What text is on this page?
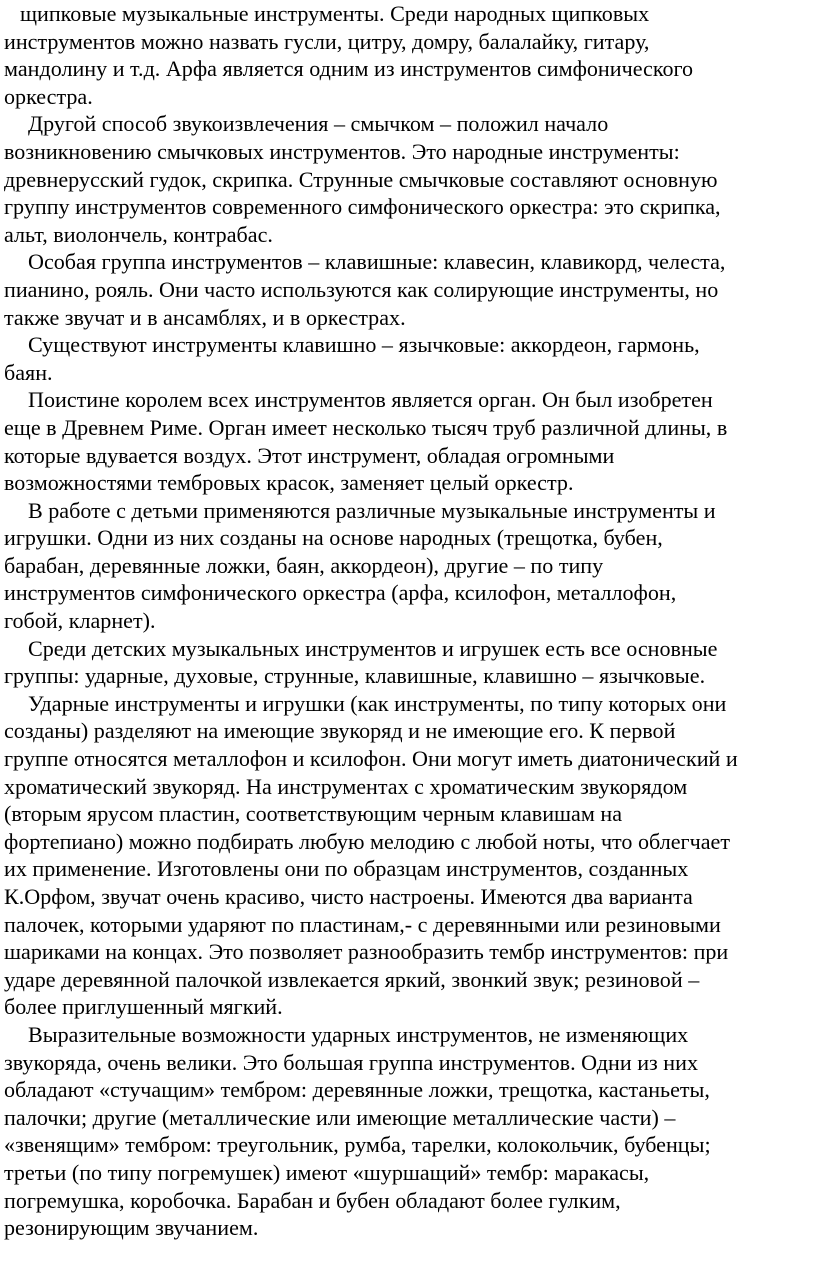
щипковые музыкальные инструменты. Среди народных щипковых
инструментов можно назвать гусли, цитру, домру, балалайку, гитару,
мандолину и т.д. Арфа является одним из инструментов симфонического
оркестра.

Другой способ звукоизвлечения – смычком – положил начало
возникновению смычковых инструментов. Это народные инструменты:
древнерусский гудок, скрипка. Струнные смычковые составляют основную
группу инструментов современного симфонического оркестра: это скрипка,
альт, виолончель, контрабас.

Особая группа инструментов – клавишные: клавесин, клавикорд, челеста,
пианино, рояль. Они часто используются как солирующие инструменты, но
также звучат и в ансамблях, и в оркестрах.

Существуют инструменты клавишно – язычковые: аккордеон, гармонь,
баян.

Поистине королем всех инструментов является орган. Он был изобретен
еще в Древнем Риме. Орган имеет несколько тысяч труб различной длины, в
которые вдувается воздух. Этот инструмент, обладая огромными
возможностями тембровых красок, заменяет целый оркестр.

В работе с детьми применяются различные музыкальные инструменты и
игрушки. Одни из них созданы на основе народных (трещотка, бубен,
барабан, деревянные ложки, баян, аккордеон), другие – по типу
инструментов симфонического оркестра (арфа, ксилофон, металлофон,
гобой, кларнет).

Среди детских музыкальных инструментов и игрушек есть все основные
группы: ударные, духовые, струнные, клавишные, клавишно – язычковые.

Ударные инструменты и игрушки (как инструменты, по типу которых они
созданы) разделяют на имеющие звукоряд и не имеющие его. К первой
группе относятся металлофон и ксилофон. Они могут иметь диатонический и
хроматический звукоряд. На инструментах с хроматическим звукорядом
(вторым ярусом пластин, соответствующим черным клавишам на
фортепиано) можно подбирать любую мелодию с любой ноты, что облегчает
их применение. Изготовлены они по образцам инструментов, созданных
К.Орфом, звучат очень красиво, чисто настроены. Имеются два варианта
палочек, которыми ударяют по пластинам,- с деревянными или резиновыми
шариками на концах. Это позволяет разнообразить тембр инструментов: при
ударе деревянной палочкой извлекается яркий, звонкий звук; резиновой –
более приглушенный мягкий.

Выразительные возможности ударных инструментов, не изменяющих
звукоряда, очень велики. Это большая группа инструментов. Одни из них
обладают «стучащим» тембром: деревянные ложки, трещотка, кастаньеты,
палочки; другие (металлические или имеющие металлические части) –
«звенящим» тембром: треугольник, румба, тарелки, колокольчик, бубенцы;
третьи (по типу погремушек) имеют «шуршащий» тембр: маракасы,
погремушка, коробочка. Барабан и бубен обладают более гулким,
резонирующим звучанием.
